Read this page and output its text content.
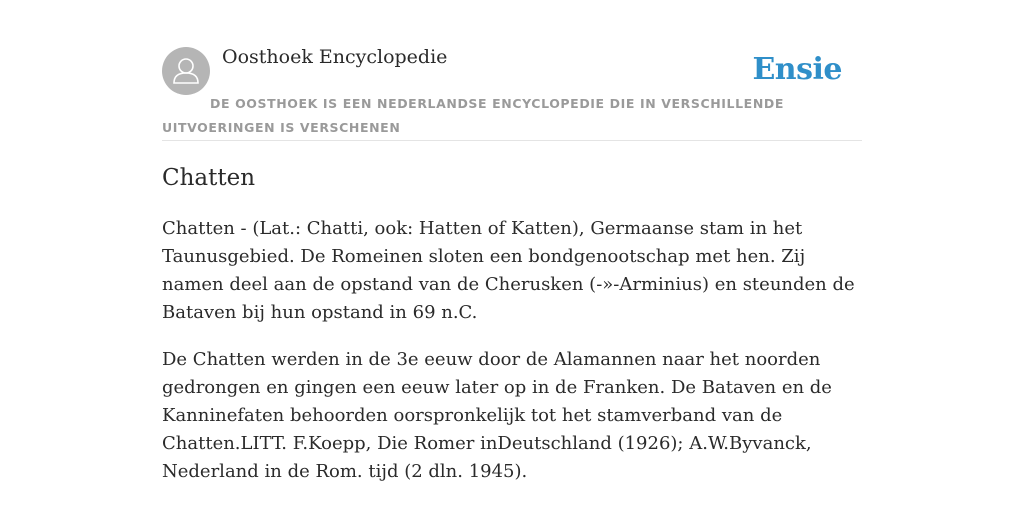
Oosthoek Encyclopedie	Ensie
DE OOSTHOEK IS EEN NEDERLANDSE ENCYCLOPEDIE DIE IN VERSCHILLENDE UITVOERINGEN IS VERSCHENEN
Chatten

Chatten - (Lat.: Chatti, ook: Hatten of Katten), Germaanse stam in het Taunusgebied. De Romeinen sloten een bondgenootschap met hen. Zij namen deel aan de opstand van de Cherusken (-»-Arminius) en steunden de Bataven bij hun opstand in 69 n.C.

De Chatten werden in de 3e eeuw door de Alamannen naar het noorden gedrongen en gingen een eeuw later op in de Franken. De Bataven en de Kanninefaten behoorden oorspronkelijk tot het stamverband van de Chatten.LITT. F.Koepp, Die Romer inDeutschland (1926); A.W.Byvanck, Nederland in de Rom. tijd (2 dln. 1945).
